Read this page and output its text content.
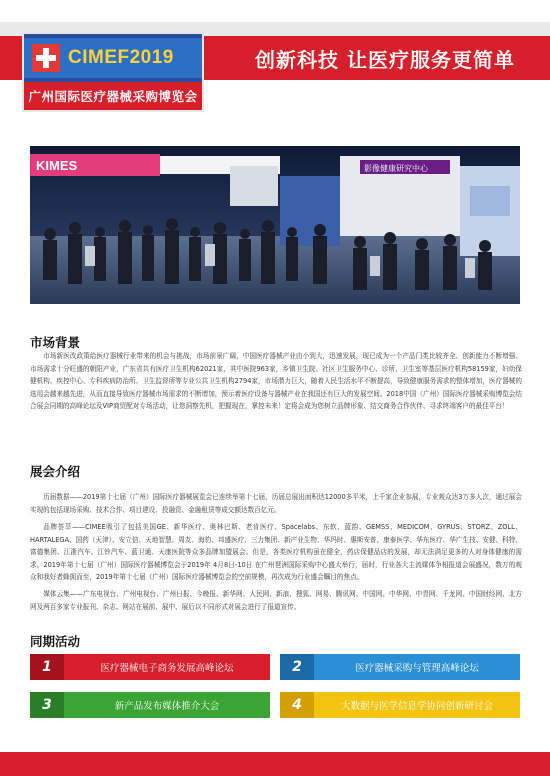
CIMEF2019
广州国际医疗器械采购博览会
创新科技 让医疗服务更简单
KIMES	影像健康研究中心
市场背景
市场新医改政策给医疗器械行业带来的机会与挑战，市场前景广阔，中国医疗器械产业由小到大，迅速发展，现已成为一个产品门类比较齐全、创新能力不断增强、市场需求十分旺盛的朝阳产业，广东省共有医疗卫生机构62021家，其中医院963家，乡镇卫生院、社区卫生服务中心、诊所、卫生室等基层医疗机构58159家，妇幼保健机构、疾控中心、专科疾病防治所、卫生监督所等专业公共卫生机构2794家，市场潜力巨大，随着人民生活水平不断提高，导致健康服务需求的整体增加，医疗器械的选用会越来越先进，从而直接导致医疗器械市场需求的不断增加，预示着医疗设备与器械产业在我国还有巨大的发展空间。2018中国（广州）国际医疗器械采购博览会结合展会同期的高峰论坛及VIP商贸配对专场活动，让您洞察先机，把握现在，掌控未来！定将会成为您树立品牌形象、结交商务合作伙伴、寻求终端客户的最佳平台！
展会介绍
历届数据——2019第十七届（广州）国际医疗器械展览会已连续举第十七届，历届总展出面积达12000多平米，上千家企业参展，专业观众达3万多人次，通过展会实现的包括现场采购、技术合作、项目建设、投融资、金融租赁等成交额达数百亿元。
品牌荟萃——CIMEE吸引了包括美国GE、新华医疗、奥林巴斯、老肯医疗、Spacelabs、东软、蓝韵、GEMSS、MEDICOM、GYRUS、STORZ、ZOLL、HARTALEGA、国药（天津）、安立信、天地智慧、周友、海豹、邦盛医疗、三力集团、新产业生物、华玛时、惠斯安普、康泰医学、华东医疗、华广生技、安健、科特、富德集团、江浙汽车、江铃汽车、蓝卫通、天康医院等众多品牌加盟展会。但是，各类医疗机构虽在健全，药店保健品店的发展，却无法满足更多的人对身体健康的需求。2019年第十七届（广州）国际医疗器械博览会于2019年 4月8日-10日 在广州琶洲国际采购中心盛大举行，届时，行业各大主流媒体争相报道会展盛况，数万的观众和我好者蜂拥而至，2019年第十七届（广州）国际医疗器械博览会的空前规模，再次成为行业盛会瞩目的焦点。
媒体云集——广东电视台、广州电视台、广州日报、今晚报、新华网、人民网、新浪、搜狐、网易、腾讯网、中国网、中华网、中青网、千龙网、中国财经网、北方网及两百多家专业报刊、杂志、网站在展前、展中、展后以不同形式对展会进行了报道宣传。
同期活动
1	医疗器械电子商务发展高峰论坛	2	医疗器械采购与管理高峰论坛
3	新产品发布媒体推介大会	4	大数据与医学信息学协同创新研讨会
